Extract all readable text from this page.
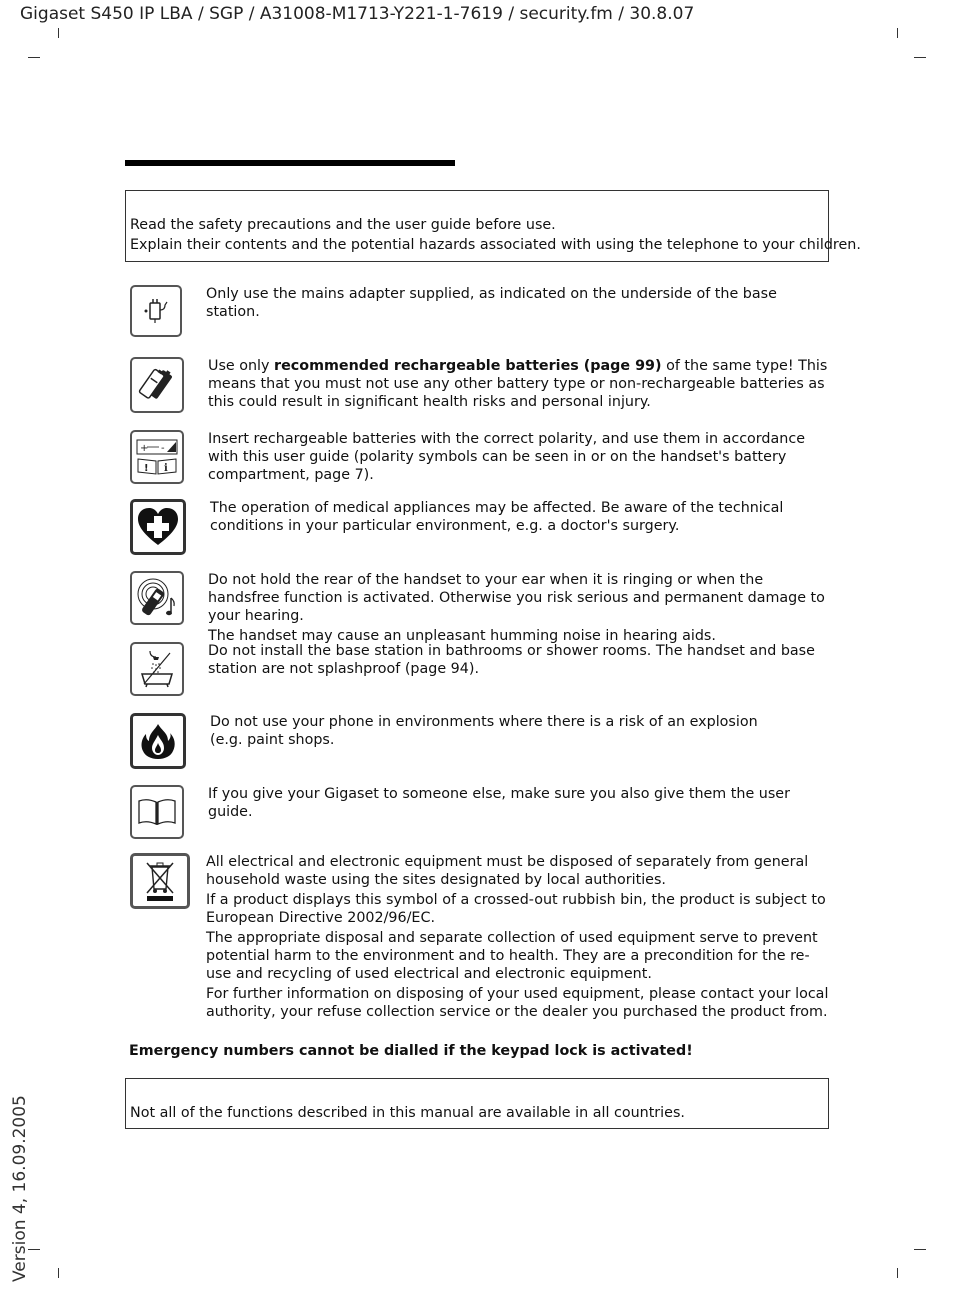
Gigaset S450 IP LBA / SGP / A31008-M1713-Y221-1-7619 / security.fm / 30.8.07
Read the safety precautions and the user guide before use.
Explain their contents and the potential hazards associated with using the telephone to your children.
Only use the mains adapter supplied, as indicated on the underside of the base station.
Use only recommended rechargeable batteries (page 99) of the same type! This means that you must not use any other battery type or non-rechargeable batteries as this could result in significant health risks and personal injury.
+ -
! i
Insert rechargeable batteries with the correct polarity, and use them in accordance with this user guide (polarity symbols can be seen in or on the handset's battery compartment, page 7).
The operation of medical appliances may be affected. Be aware of the technical conditions in your particular environment, e.g. a doctor's surgery.

Do not hold the rear of the handset to your ear when it is ringing or when the handsfree function is activated. Otherwise you risk serious and permanent damage to your hearing.

The handset may cause an unpleasant humming noise in hearing aids.

Do not install the base station in bathrooms or shower rooms. The handset and base station are not splashproof (page 94).

Do not use your phone in environments where there is a risk of an explosion

(e.g. paint shops.

If you give your Gigaset to someone else, make sure you also give them the user guide.

All electrical and electronic equipment must be disposed of separately from general household waste using the sites designated by local authorities.

If a product displays this symbol of a crossed-out rubbish bin, the product is subject to European Directive 2002/96/EC.

The appropriate disposal and separate collection of used equipment serve to prevent potential harm to the environment and to health. They are a precondition for the re-use and recycling of used electrical and electronic equipment.

For further information on disposing of your used equipment, please contact your local authority, your refuse collection service or the dealer you purchased the product from.

Emergency numbers cannot be dialled if the keypad lock is activated!
Not all of the functions described in this manual are available in all countries.
Version 4, 16.09.2005
